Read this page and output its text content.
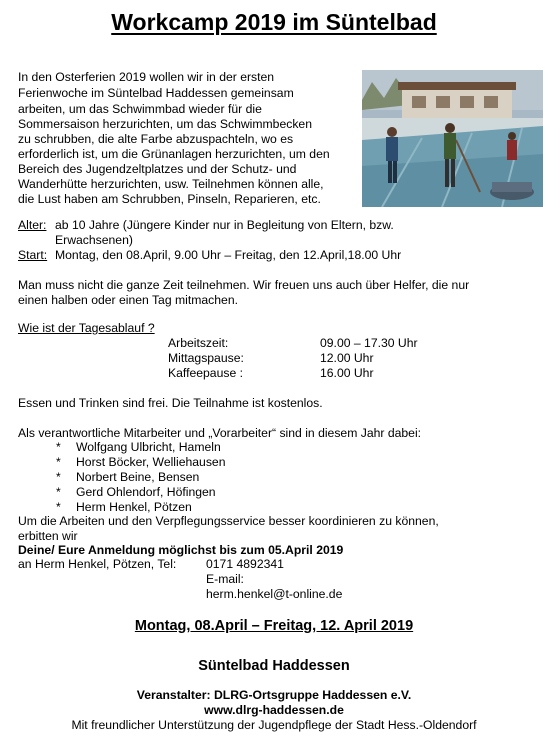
Workcamp 2019 im Süntelbad
In den Osterferien 2019 wollen wir in der ersten
Ferienwoche im Süntelbad Haddessen gemeinsam
arbeiten, um das Schwimmbad wieder für die
Sommersaison herzurichten, um das Schwimmbecken
zu schrubben, die alte Farbe abzuspachteln, wo es
erforderlich ist, um die Grünanlagen herzurichten, um den
Bereich des Jugendzeltplatzes und der Schutz- und
Wanderhütte herzurichten, usw. Teilnehmen können alle,
die Lust haben am Schrubben, Pinseln, Reparieren, etc.
Alter: ab 10 Jahre (Jüngere Kinder nur in Begleitung von Eltern, bzw.
Erwachsenen)
Start: Montag, den 08.April, 9.00 Uhr – Freitag, den 12.April,18.00 Uhr
Man muss nicht die ganze Zeit teilnehmen. Wir freuen uns auch über Helfer, die nur
einen halben oder einen Tag mitmachen.
Wie ist der Tagesablauf ?
Arbeitszeit:	09.00 – 17.30 Uhr
Mittagspause:	12.00 Uhr
Kaffeepause :	16.00 Uhr
Essen und Trinken sind frei. Die Teilnahme ist kostenlos.
Als verantwortliche Mitarbeiter und „Vorarbeiter“ sind in diesem Jahr dabei:
* Wolfgang Ulbricht, Hameln
* Horst Böcker, Welliehausen
* Norbert Beine, Bensen
* Gerd Ohlendorf, Höfingen
* Herm Henkel, Pötzen
Um die Arbeiten und den Verpflegungsservice besser koordinieren zu können,
erbitten wir
Deine/ Eure Anmeldung möglichst bis zum 05.April 2019
an Herm Henkel, Pötzen, Tel: 0171 4892341
E-mail:
herm.henkel@t-online.de
Montag, 08.April – Freitag, 12. April 2019
Süntelbad Haddessen
Veranstalter: DLRG-Ortsgruppe Haddessen e.V.
www.dlrg-haddessen.de
Mit freundlicher Unterstützung der Jugendpflege der Stadt Hess.-Oldendorf
